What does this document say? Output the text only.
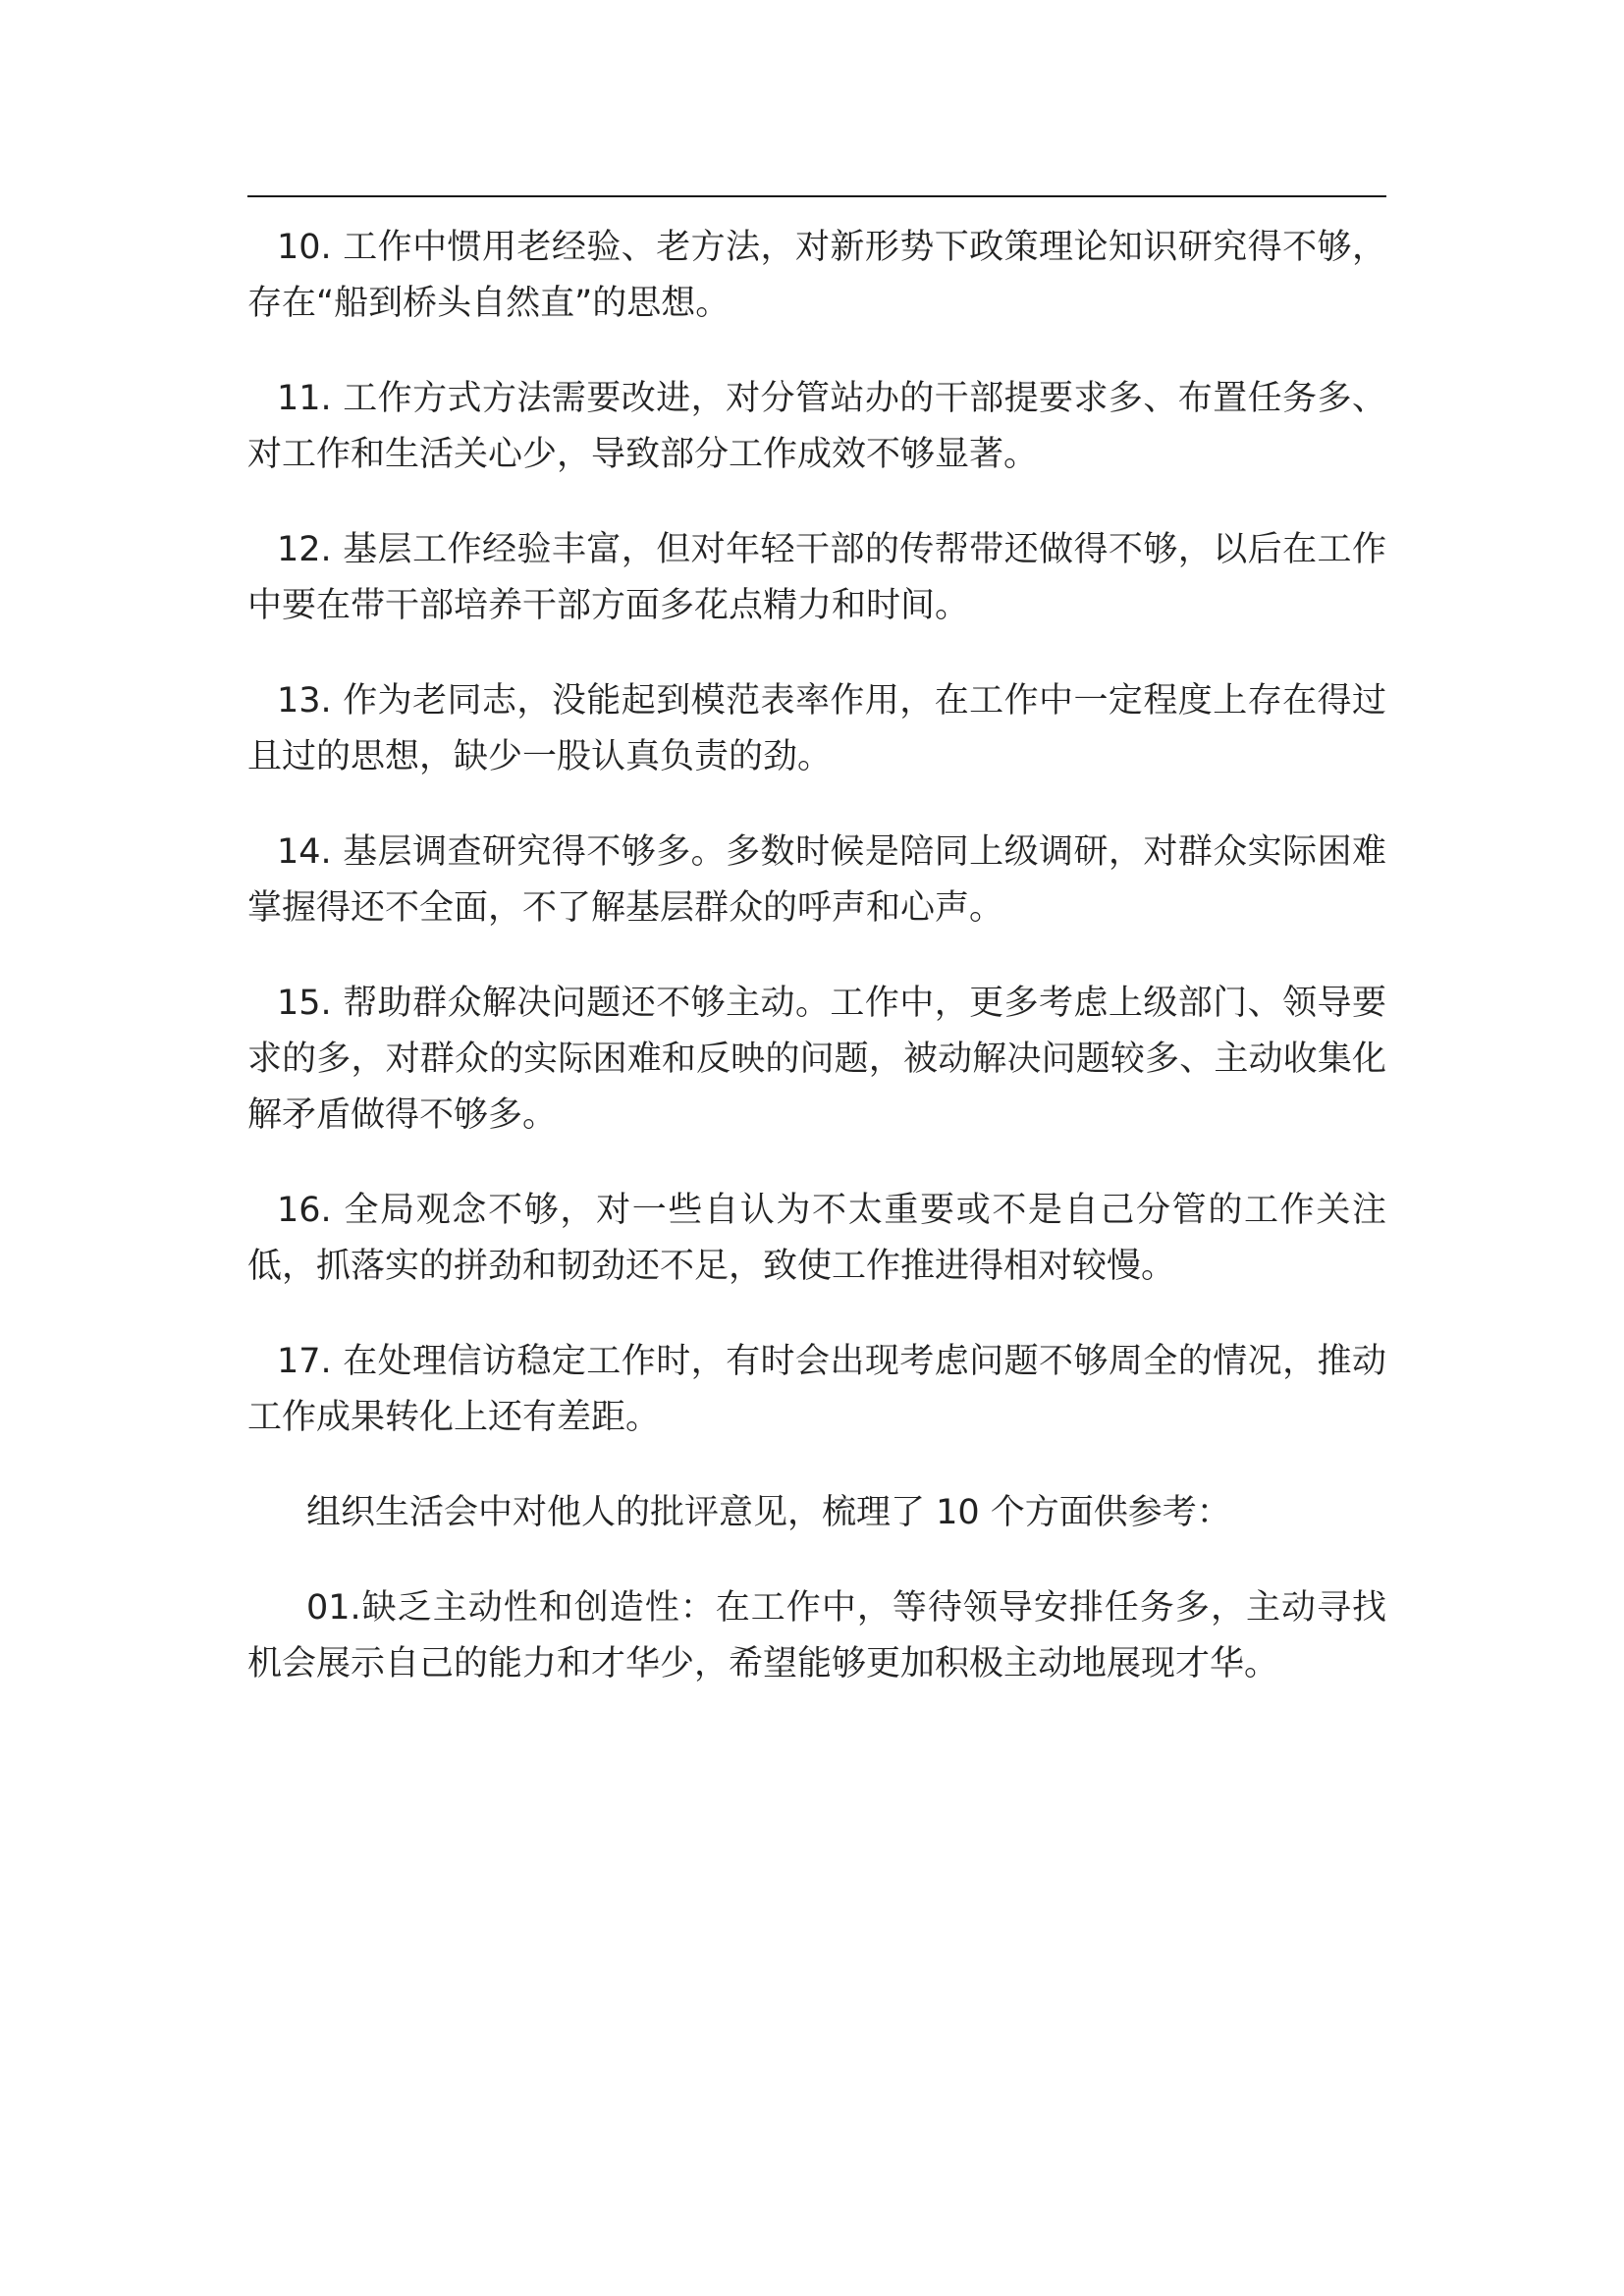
10. 工作中惯用老经验、老方法，对新形势下政策理论知识研究得不够，存在“船到桥头自然直”的思想。

11. 工作方式方法需要改进，对分管站办的干部提要求多、布置任务多、对工作和生活关心少，导致部分工作成效不够显著。

12. 基层工作经验丰富，但对年轻干部的传帮带还做得不够，以后在工作中要在带干部培养干部方面多花点精力和时间。

13. 作为老同志，没能起到模范表率作用，在工作中一定程度上存在得过且过的思想，缺少一股认真负责的劲。

14. 基层调查研究得不够多。多数时候是陪同上级调研，对群众实际困难掌握得还不全面，不了解基层群众的呼声和心声。

15. 帮助群众解决问题还不够主动。工作中，更多考虑上级部门、领导要求的多，对群众的实际困难和反映的问题，被动解决问题较多、主动收集化解矛盾做得不够多。

16. 全局观念不够，对一些自认为不太重要或不是自己分管的工作关注低，抓落实的拼劲和韧劲还不足，致使工作推进得相对较慢。

17. 在处理信访稳定工作时，有时会出现考虑问题不够周全的情况，推动工作成果转化上还有差距。

组织生活会中对他人的批评意见，梳理了 10 个方面供参考：

01.缺乏主动性和创造性：在工作中，等待领导安排任务多，主动寻找机会展示自己的能力和才华少，希望能够更加积极主动地展现才华。
